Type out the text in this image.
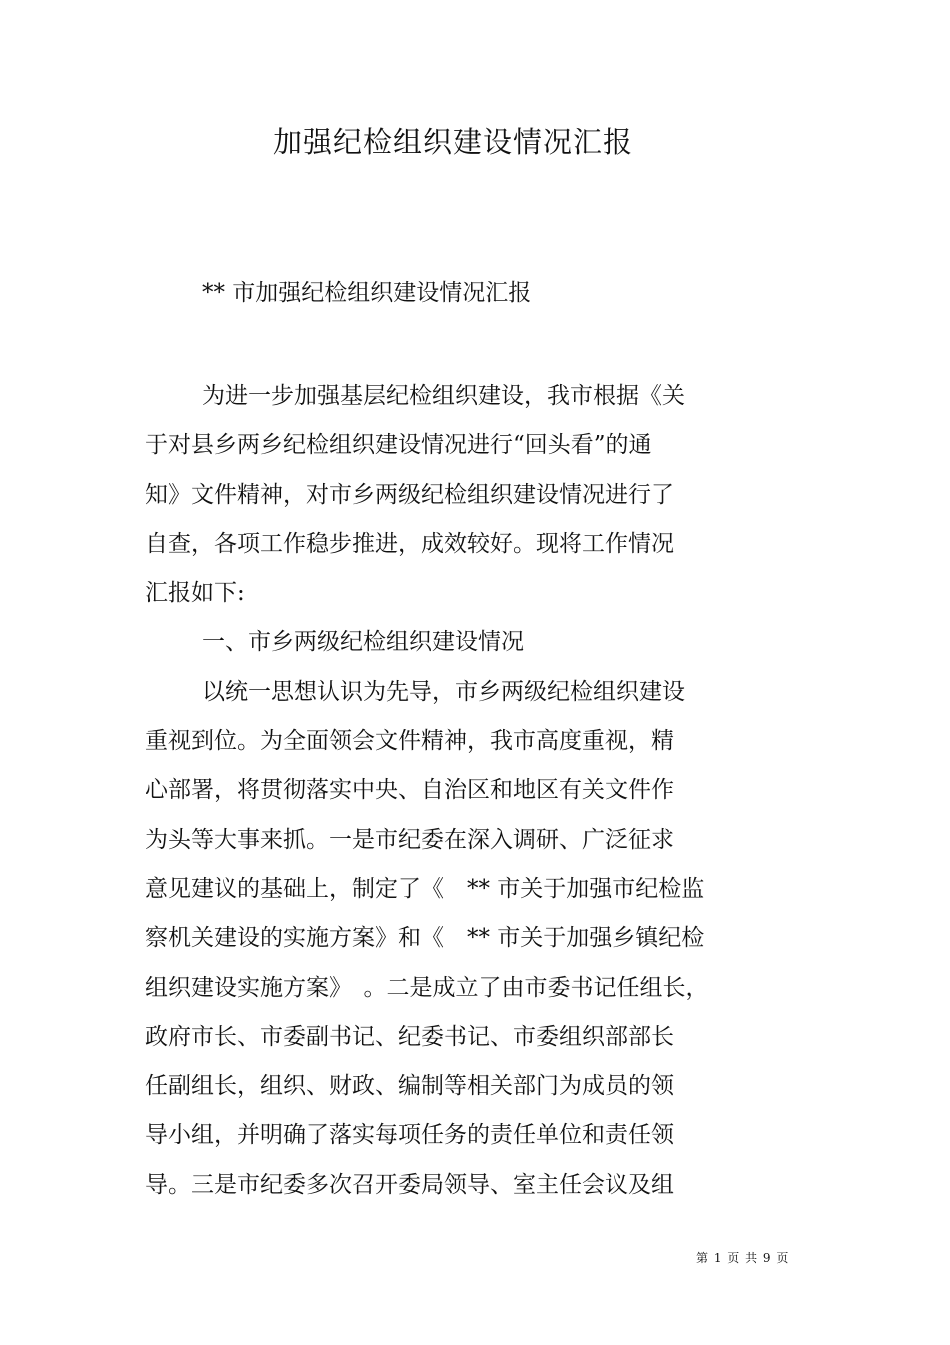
加强纪检组织建设情况汇报
** 市加强纪检组织建设情况汇报
为进一步加强基层纪检组织建设，我市根据《关
于对县乡两乡纪检组织建设情况进行“回头看”的通
知》文件精神，对市乡两级纪检组织建设情况进行了
自查，各项工作稳步推进，成效较好。现将工作情况
汇报如下:
一、市乡两级纪检组织建设情况
以统一思想认识为先导，市乡两级纪检组织建设
重视到位。为全面领会文件精神，我市高度重视，精
心部署，将贯彻落实中央、自治区和地区有关文件作
为头等大事来抓。一是市纪委在深入调研、广泛征求
意见建议的基础上，制定了《　** 市关于加强市纪检监
察机关建设的实施方案》和《　** 市关于加强乡镇纪检
组织建设实施方案》　。二是成立了由市委书记任组长，
政府市长、市委副书记、纪委书记、市委组织部部长
任副组长，组织、财政、编制等相关部门为成员的领
导小组，并明确了落实每项任务的责任单位和责任领
导。三是市纪委多次召开委局领导、室主任会议及组
第 1 页 共 9 页
